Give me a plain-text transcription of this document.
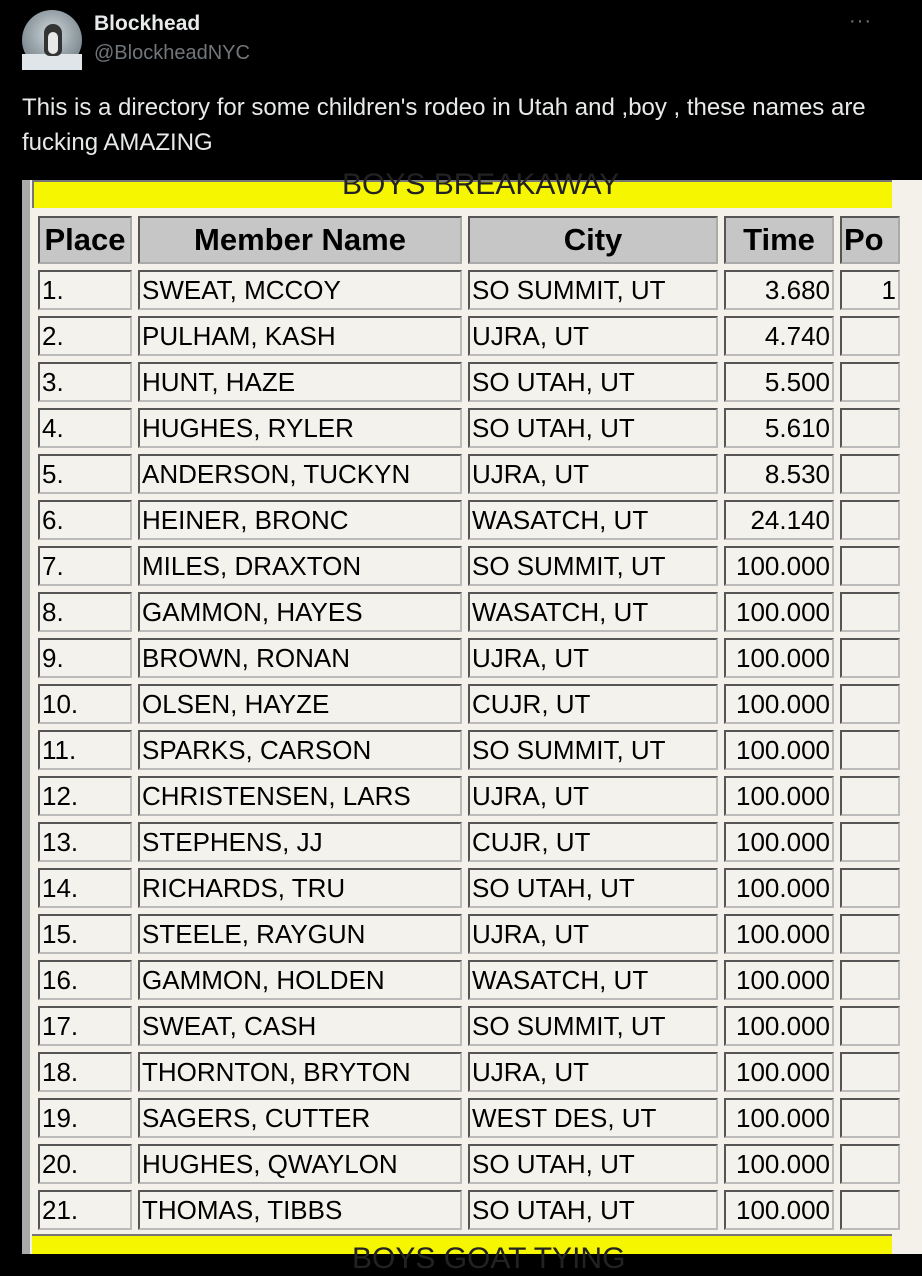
Blockhead
@BlockheadNYC
···
This is a directory for some children's rodeo in Utah and ,boy , these names are fucking AMAZING
BOYS BREAKAWAY
Place	Member Name	City	Time	Po
1.	SWEAT, MCCOY	SO SUMMIT, UT	3.680	1
2.	PULHAM, KASH	UJRA, UT	4.740	
3.	HUNT, HAZE	SO UTAH, UT	5.500	
4.	HUGHES, RYLER	SO UTAH, UT	5.610	
5.	ANDERSON, TUCKYN	UJRA, UT	8.530	
6.	HEINER, BRONC	WASATCH, UT	24.140	
7.	MILES, DRAXTON	SO SUMMIT, UT	100.000	
8.	GAMMON, HAYES	WASATCH, UT	100.000	
9.	BROWN, RONAN	UJRA, UT	100.000	
10.	OLSEN, HAYZE	CUJR, UT	100.000	
11.	SPARKS, CARSON	SO SUMMIT, UT	100.000	
12.	CHRISTENSEN, LARS	UJRA, UT	100.000	
13.	STEPHENS, JJ	CUJR, UT	100.000	
14.	RICHARDS, TRU	SO UTAH, UT	100.000	
15.	STEELE, RAYGUN	UJRA, UT	100.000	
16.	GAMMON, HOLDEN	WASATCH, UT	100.000	
17.	SWEAT, CASH	SO SUMMIT, UT	100.000	
18.	THORNTON, BRYTON	UJRA, UT	100.000	
19.	SAGERS, CUTTER	WEST DES, UT	100.000	
20.	HUGHES, QWAYLON	SO UTAH, UT	100.000	
21.	THOMAS, TIBBS	SO UTAH, UT	100.000	
BOYS GOAT TYING
